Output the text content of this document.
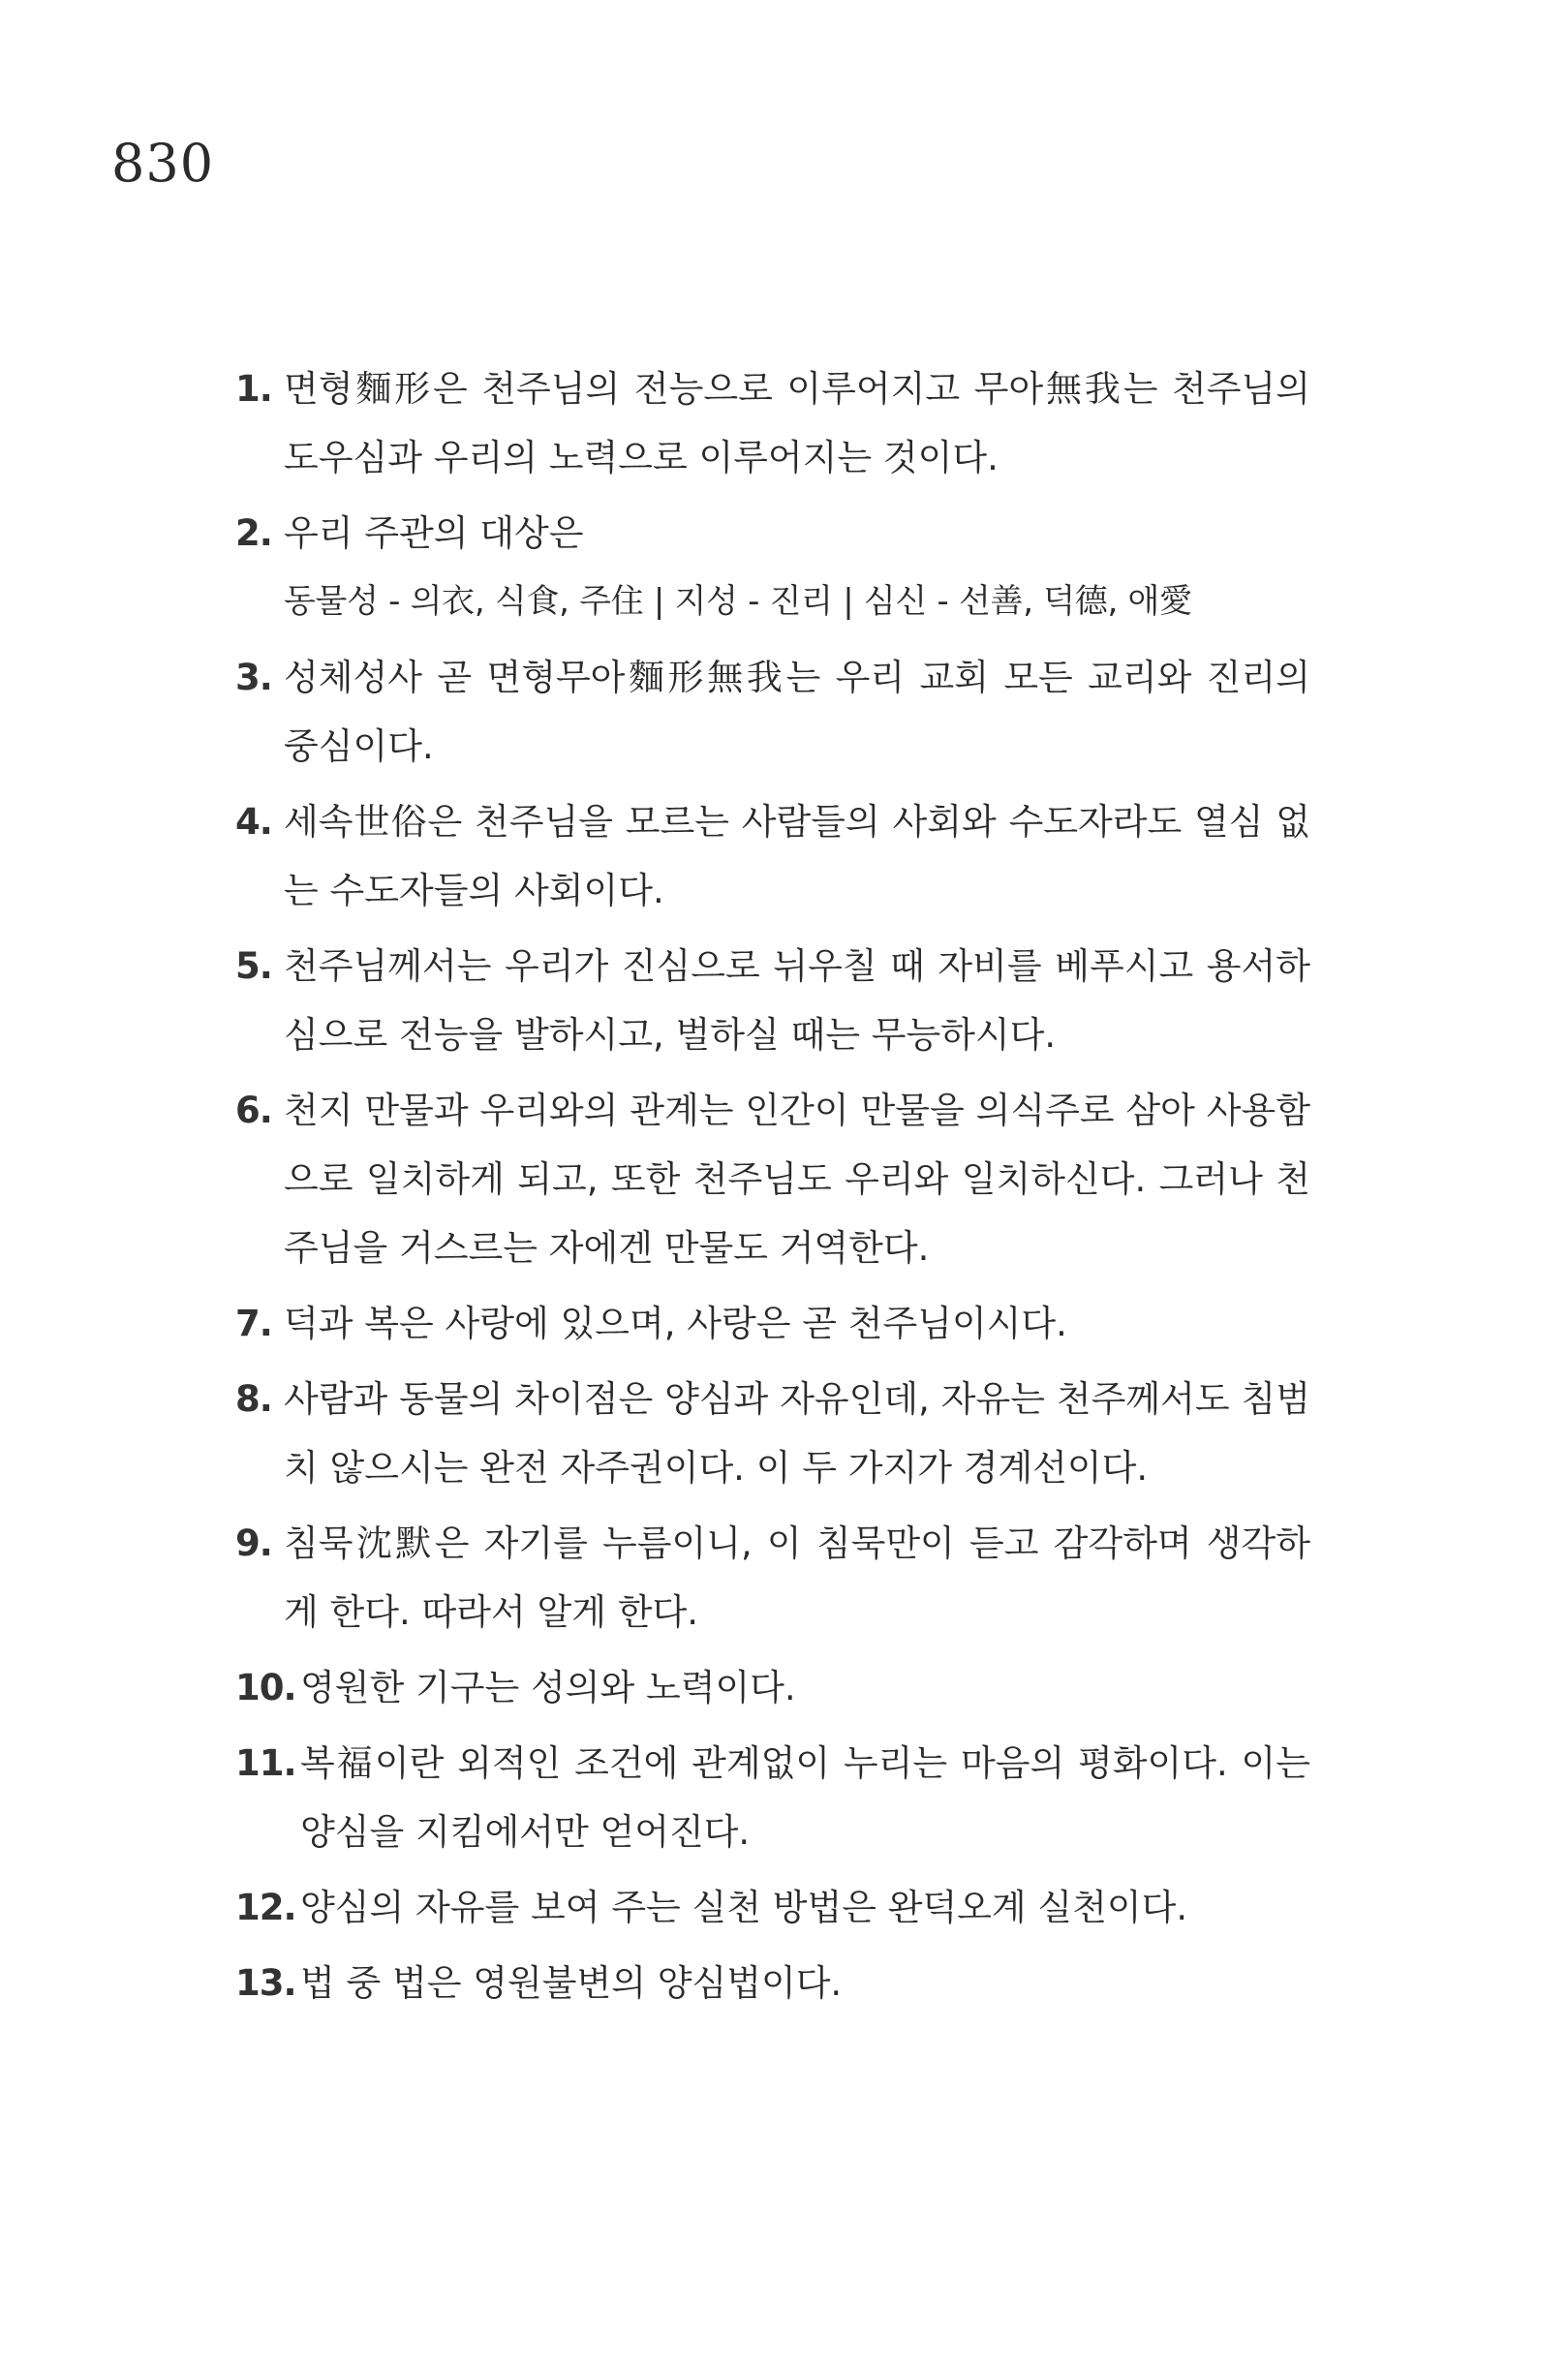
830
1. 면형麵形은 천주님의 전능으로 이루어지고 무아無我는 천주님의 도우심과 우리의 노력으로 이루어지는 것이다.
2. 우리 주관의 대상은
동물성 - 의衣, 식食, 주住 | 지성 - 진리 | 심신 - 선善, 덕德, 애愛
3. 성체성사 곧 면형무아麵形無我는 우리 교회 모든 교리와 진리의 중심이다.
4. 세속世俗은 천주님을 모르는 사람들의 사회와 수도자라도 열심 없는 수도자들의 사회이다.
5. 천주님께서는 우리가 진심으로 뉘우칠 때 자비를 베푸시고 용서하심으로 전능을 발하시고, 벌하실 때는 무능하시다.
6. 천지 만물과 우리와의 관계는 인간이 만물을 의식주로 삼아 사용함으로 일치하게 되고, 또한 천주님도 우리와 일치하신다. 그러나 천주님을 거스르는 자에겐 만물도 거역한다.
7. 덕과 복은 사랑에 있으며, 사랑은 곧 천주님이시다.
8. 사람과 동물의 차이점은 양심과 자유인데, 자유는 천주께서도 침범치 않으시는 완전 자주권이다. 이 두 가지가 경계선이다.
9. 침묵沈默은 자기를 누름이니, 이 침묵만이 듣고 감각하며 생각하게 한다. 따라서 알게 한다.
10. 영원한 기구는 성의와 노력이다.
11. 복福이란 외적인 조건에 관계없이 누리는 마음의 평화이다. 이는 양심을 지킴에서만 얻어진다.
12. 양심의 자유를 보여 주는 실천 방법은 완덕오계 실천이다.
13. 법 중 법은 영원불변의 양심법이다.
